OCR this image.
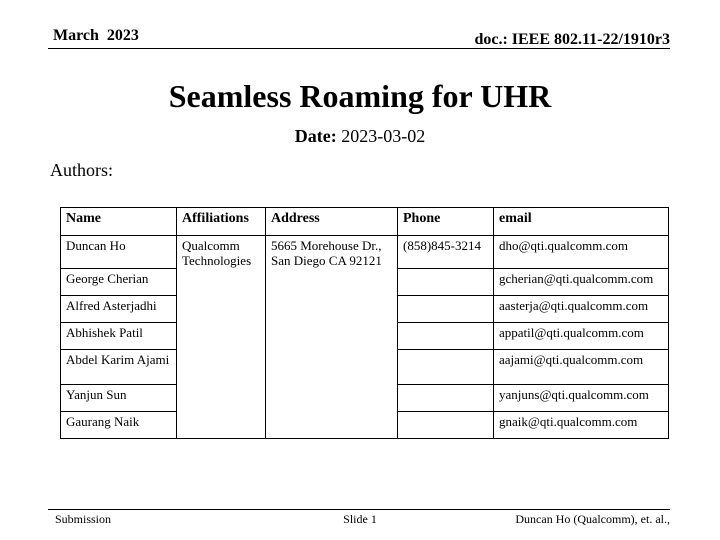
March  2023	doc.: IEEE 802.11-22/1910r3
Seamless Roaming for UHR
Date: 2023-03-02
Authors:
Name	Affiliations	Address	Phone	email
Duncan Ho	Qualcomm Technologies	5665 Morehouse Dr., San Diego CA 92121	(858)845-3214	dho@qti.qualcomm.com
George Cherian				gcherian@qti.qualcomm.com
Alfred Asterjadhi				aasterja@qti.qualcomm.com
Abhishek Patil				appatil@qti.qualcomm.com
Abdel Karim Ajami				aajami@qti.qualcomm.com
Yanjun Sun				yanjuns@qti.qualcomm.com
Gaurang Naik				gnaik@qti.qualcomm.com
Submission	Slide 1	Duncan Ho (Qualcomm), et. al.,
